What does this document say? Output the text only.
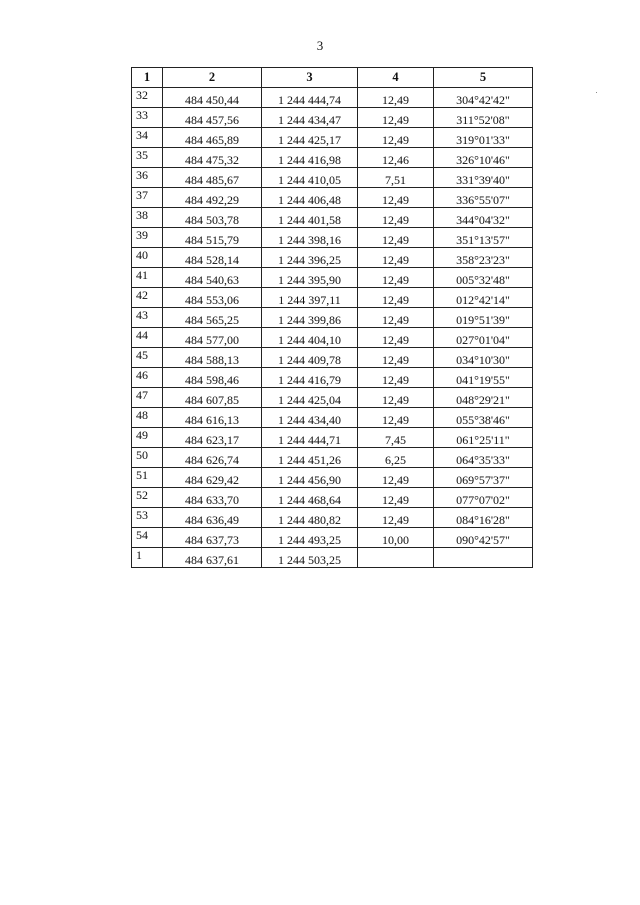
3
1	2	3	4	5
32	484 450,44	1 244 444,74	12,49	304°42'42"
33	484 457,56	1 244 434,47	12,49	311°52'08"
34	484 465,89	1 244 425,17	12,49	319°01'33"
35	484 475,32	1 244 416,98	12,46	326°10'46"
36	484 485,67	1 244 410,05	7,51	331°39'40"
37	484 492,29	1 244 406,48	12,49	336°55'07"
38	484 503,78	1 244 401,58	12,49	344°04'32"
39	484 515,79	1 244 398,16	12,49	351°13'57"
40	484 528,14	1 244 396,25	12,49	358°23'23"
41	484 540,63	1 244 395,90	12,49	005°32'48"
42	484 553,06	1 244 397,11	12,49	012°42'14"
43	484 565,25	1 244 399,86	12,49	019°51'39"
44	484 577,00	1 244 404,10	12,49	027°01'04"
45	484 588,13	1 244 409,78	12,49	034°10'30"
46	484 598,46	1 244 416,79	12,49	041°19'55"
47	484 607,85	1 244 425,04	12,49	048°29'21"
48	484 616,13	1 244 434,40	12,49	055°38'46"
49	484 623,17	1 244 444,71	7,45	061°25'11"
50	484 626,74	1 244 451,26	6,25	064°35'33"
51	484 629,42	1 244 456,90	12,49	069°57'37"
52	484 633,70	1 244 468,64	12,49	077°07'02"
53	484 636,49	1 244 480,82	12,49	084°16'28"
54	484 637,73	1 244 493,25	10,00	090°42'57"
1	484 637,61	1 244 503,25		
